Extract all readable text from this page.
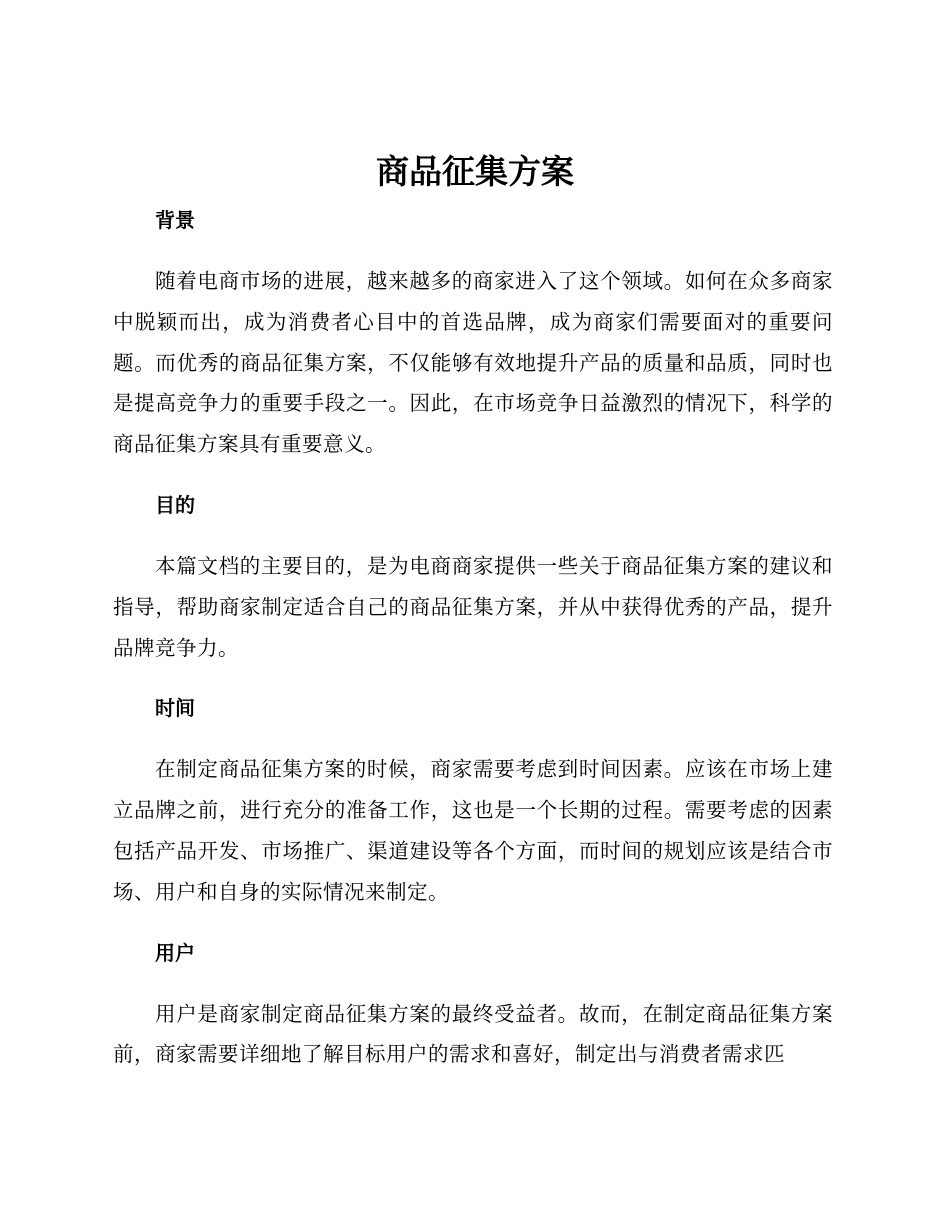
商品征集方案
背景

随着电商市场的进展，越来越多的商家进入了这个领域。如何在众多商家中脱颖而出，成为消费者心目中的首选品牌，成为商家们需要面对的重要问题。而优秀的商品征集方案，不仅能够有效地提升产品的质量和品质，同时也是提高竞争力的重要手段之一。因此，在市场竞争日益激烈的情况下，科学的商品征集方案具有重要意义。

目的

本篇文档的主要目的，是为电商商家提供一些关于商品征集方案的建议和指导，帮助商家制定适合自己的商品征集方案，并从中获得优秀的产品，提升品牌竞争力。

时间

在制定商品征集方案的时候，商家需要考虑到时间因素。应该在市场上建立品牌之前，进行充分的准备工作，这也是一个长期的过程。需要考虑的因素包括产品开发、市场推广、渠道建设等各个方面，而时间的规划应该是结合市场、用户和自身的实际情况来制定。

用户

用户是商家制定商品征集方案的最终受益者。故而，在制定商品征集方案前，商家需要详细地了解目标用户的需求和喜好，制定出与消费者需求匹
